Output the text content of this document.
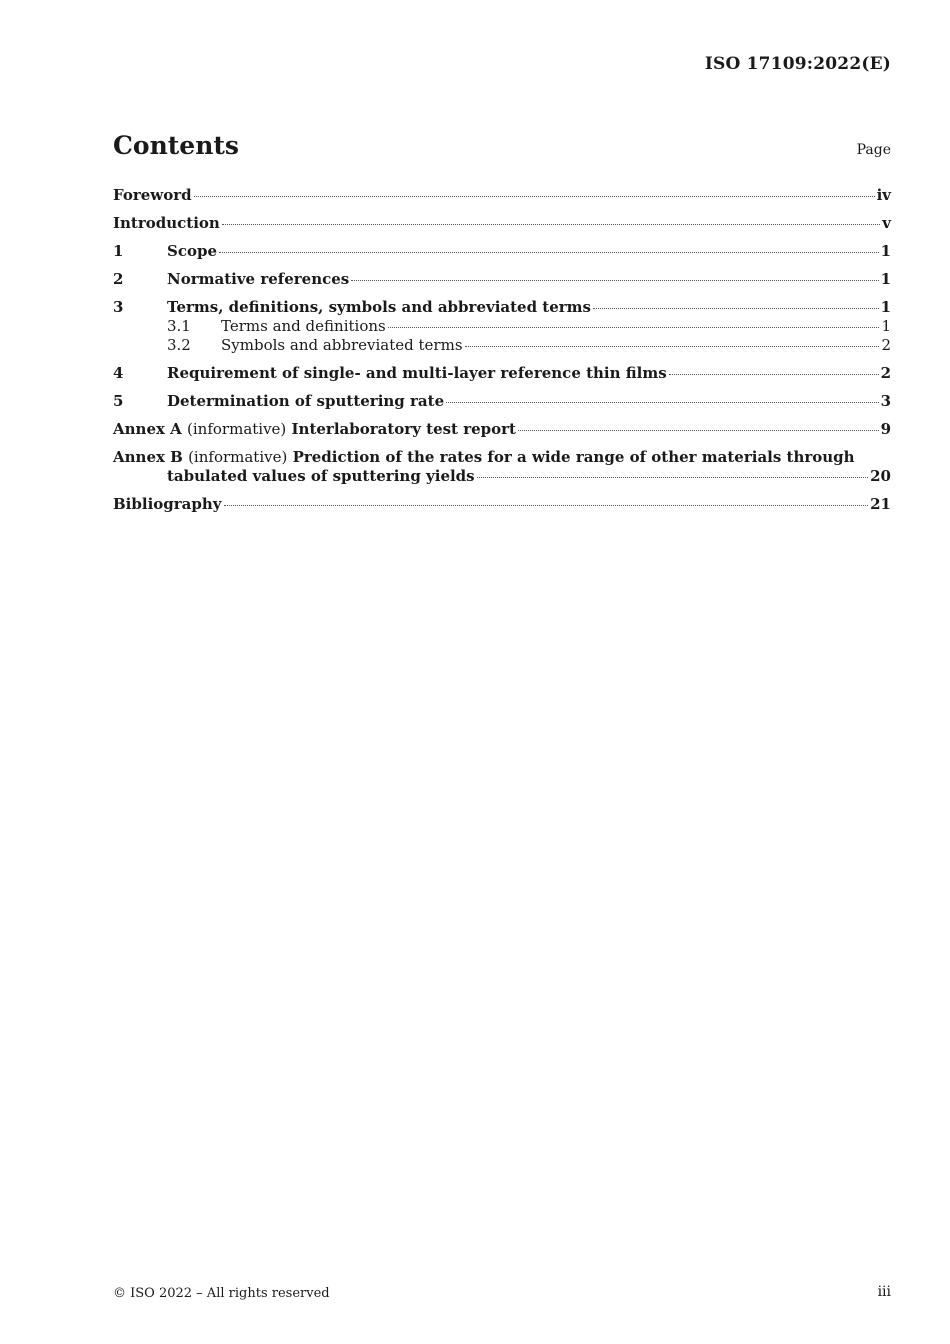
ISO 17109:2022(E)
Contents	Page
Foreword	iv
Introduction	v
1	Scope	1
2	Normative references	1
3	Terms, definitions, symbols and abbreviated terms	1
3.1	Terms and definitions	1
3.2	Symbols and abbreviated terms	2
4	Requirement of single- and multi-layer reference thin films	2
5	Determination of sputtering rate	3
Annex A (informative) Interlaboratory test report	9
Annex B (informative) Prediction of the rates for a wide range of other materials through
tabulated values of sputtering yields	20
Bibliography	21
© ISO 2022 – All rights reserved	iii
